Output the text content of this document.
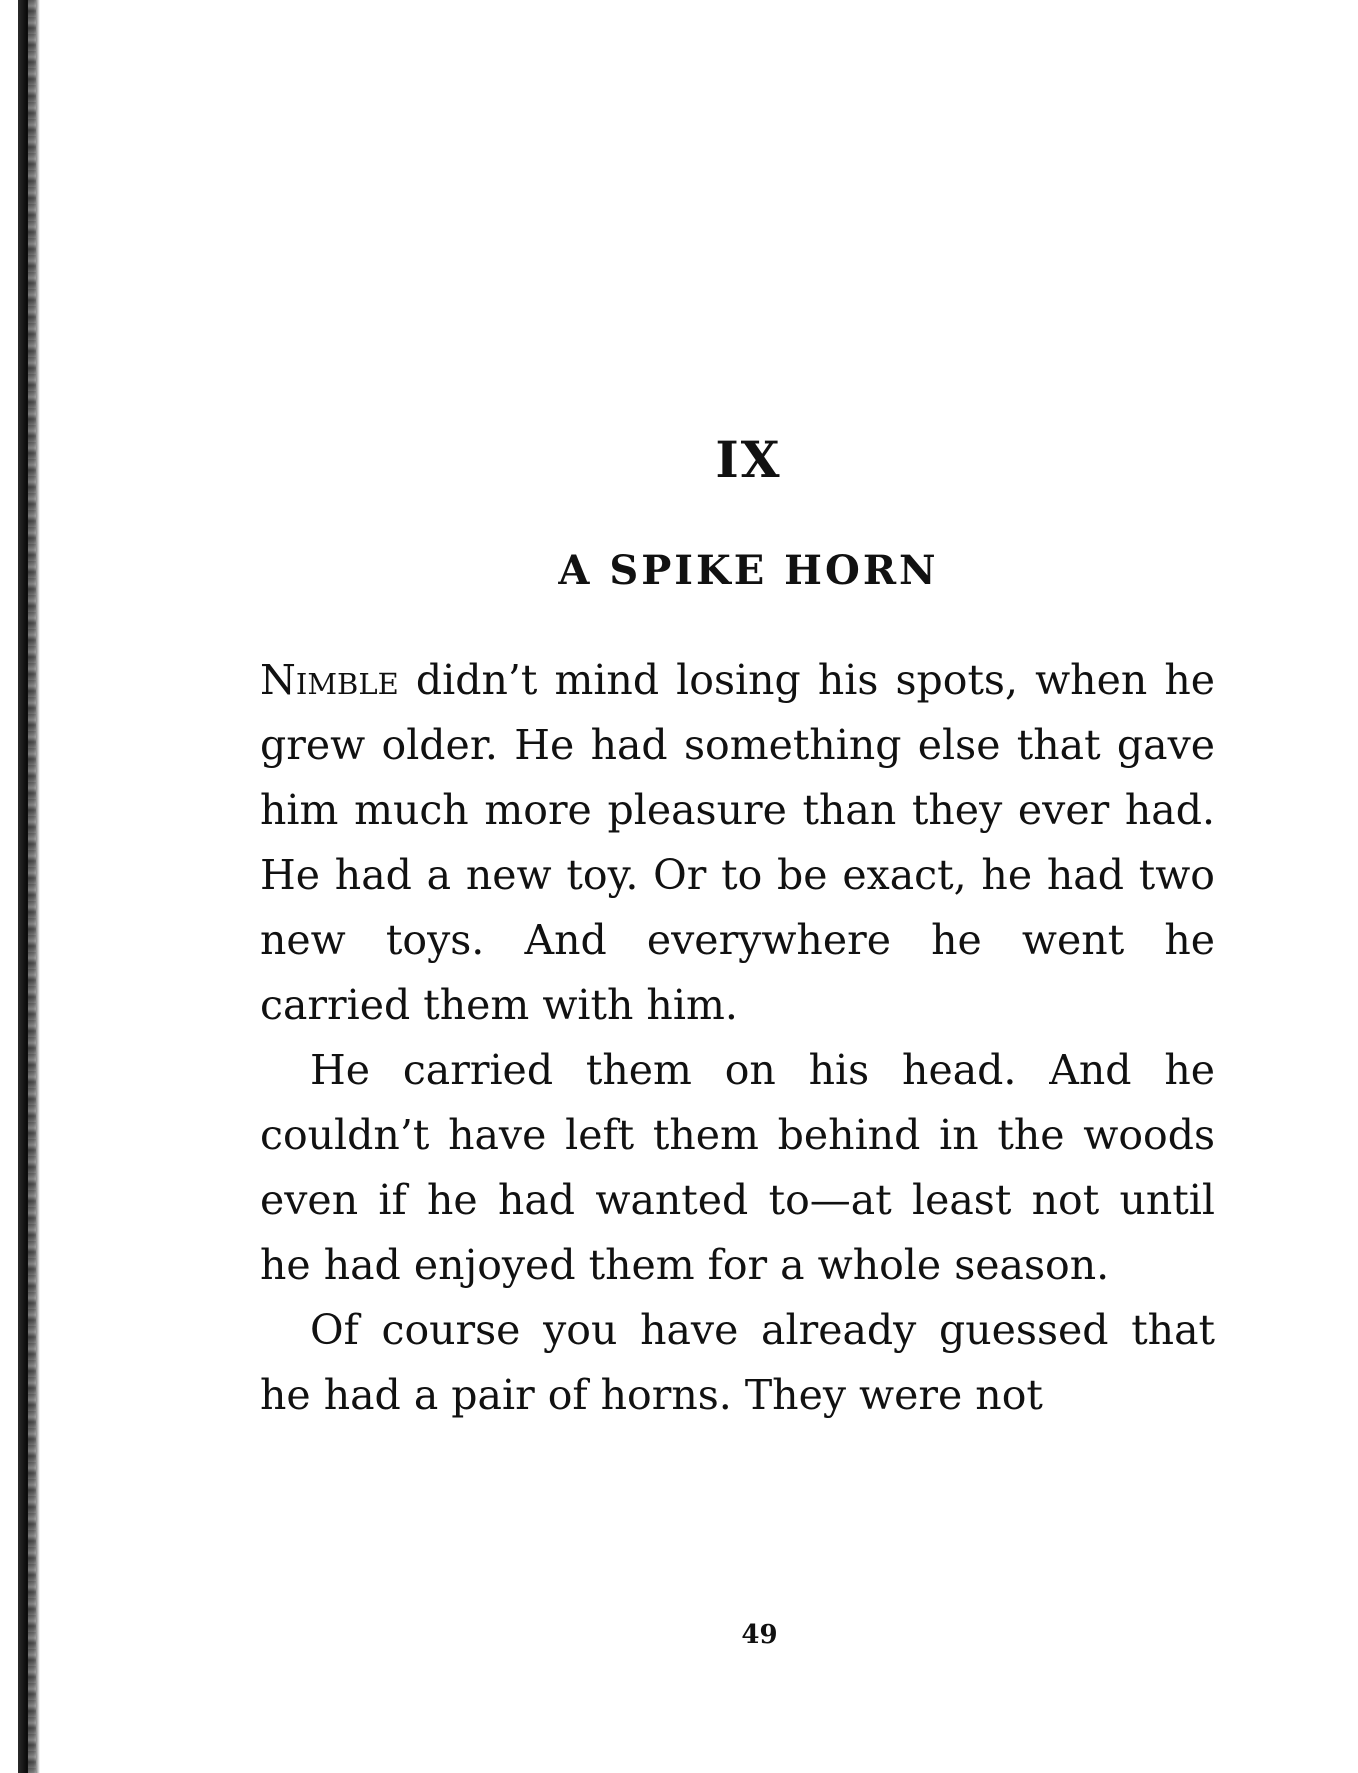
IX
A SPIKE HORN

Nimble didn’t mind losing his spots, when he grew older. He had something else that gave him much more pleasure than they ever had. He had a new toy. Or to be exact, he had two new toys. And everywhere he went he carried them with him.

He carried them on his head. And he couldn’t have left them behind in the woods even if he had wanted to—at least not until he had enjoyed them for a whole season.

Of course you have already guessed that he had a pair of horns. They were not

49
